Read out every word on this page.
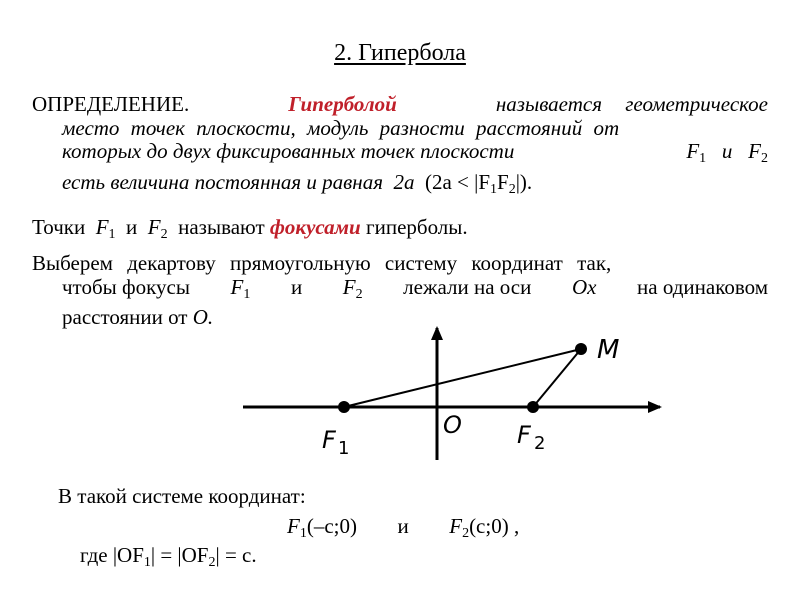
2. Гипербола
ОПРЕДЕЛЕНИЕ.	Гиперболой	называется геометрическое
место точек плоскости, модуль разности расстояний от
которых до двух фиксированных точек плоскости	$F_1$ и $F_2$
есть величина постоянная и равная 2a $(2a < |F_1F_2|)$.
Точки $F_1$ и $F_2$ называют фокусами гиперболы.
Выберем декартову прямоугольную систему координат так,
чтобы фокусы $F_1$ и $F_2$ лежали на оси Ox на одинаковом
расстоянии от O.
M
O
F 1	F 2
В такой системе координат:
$F_1(-c;0)$ и $F_2(c;0)$ ,
где $|OF_1| = |OF_2| = c$.
